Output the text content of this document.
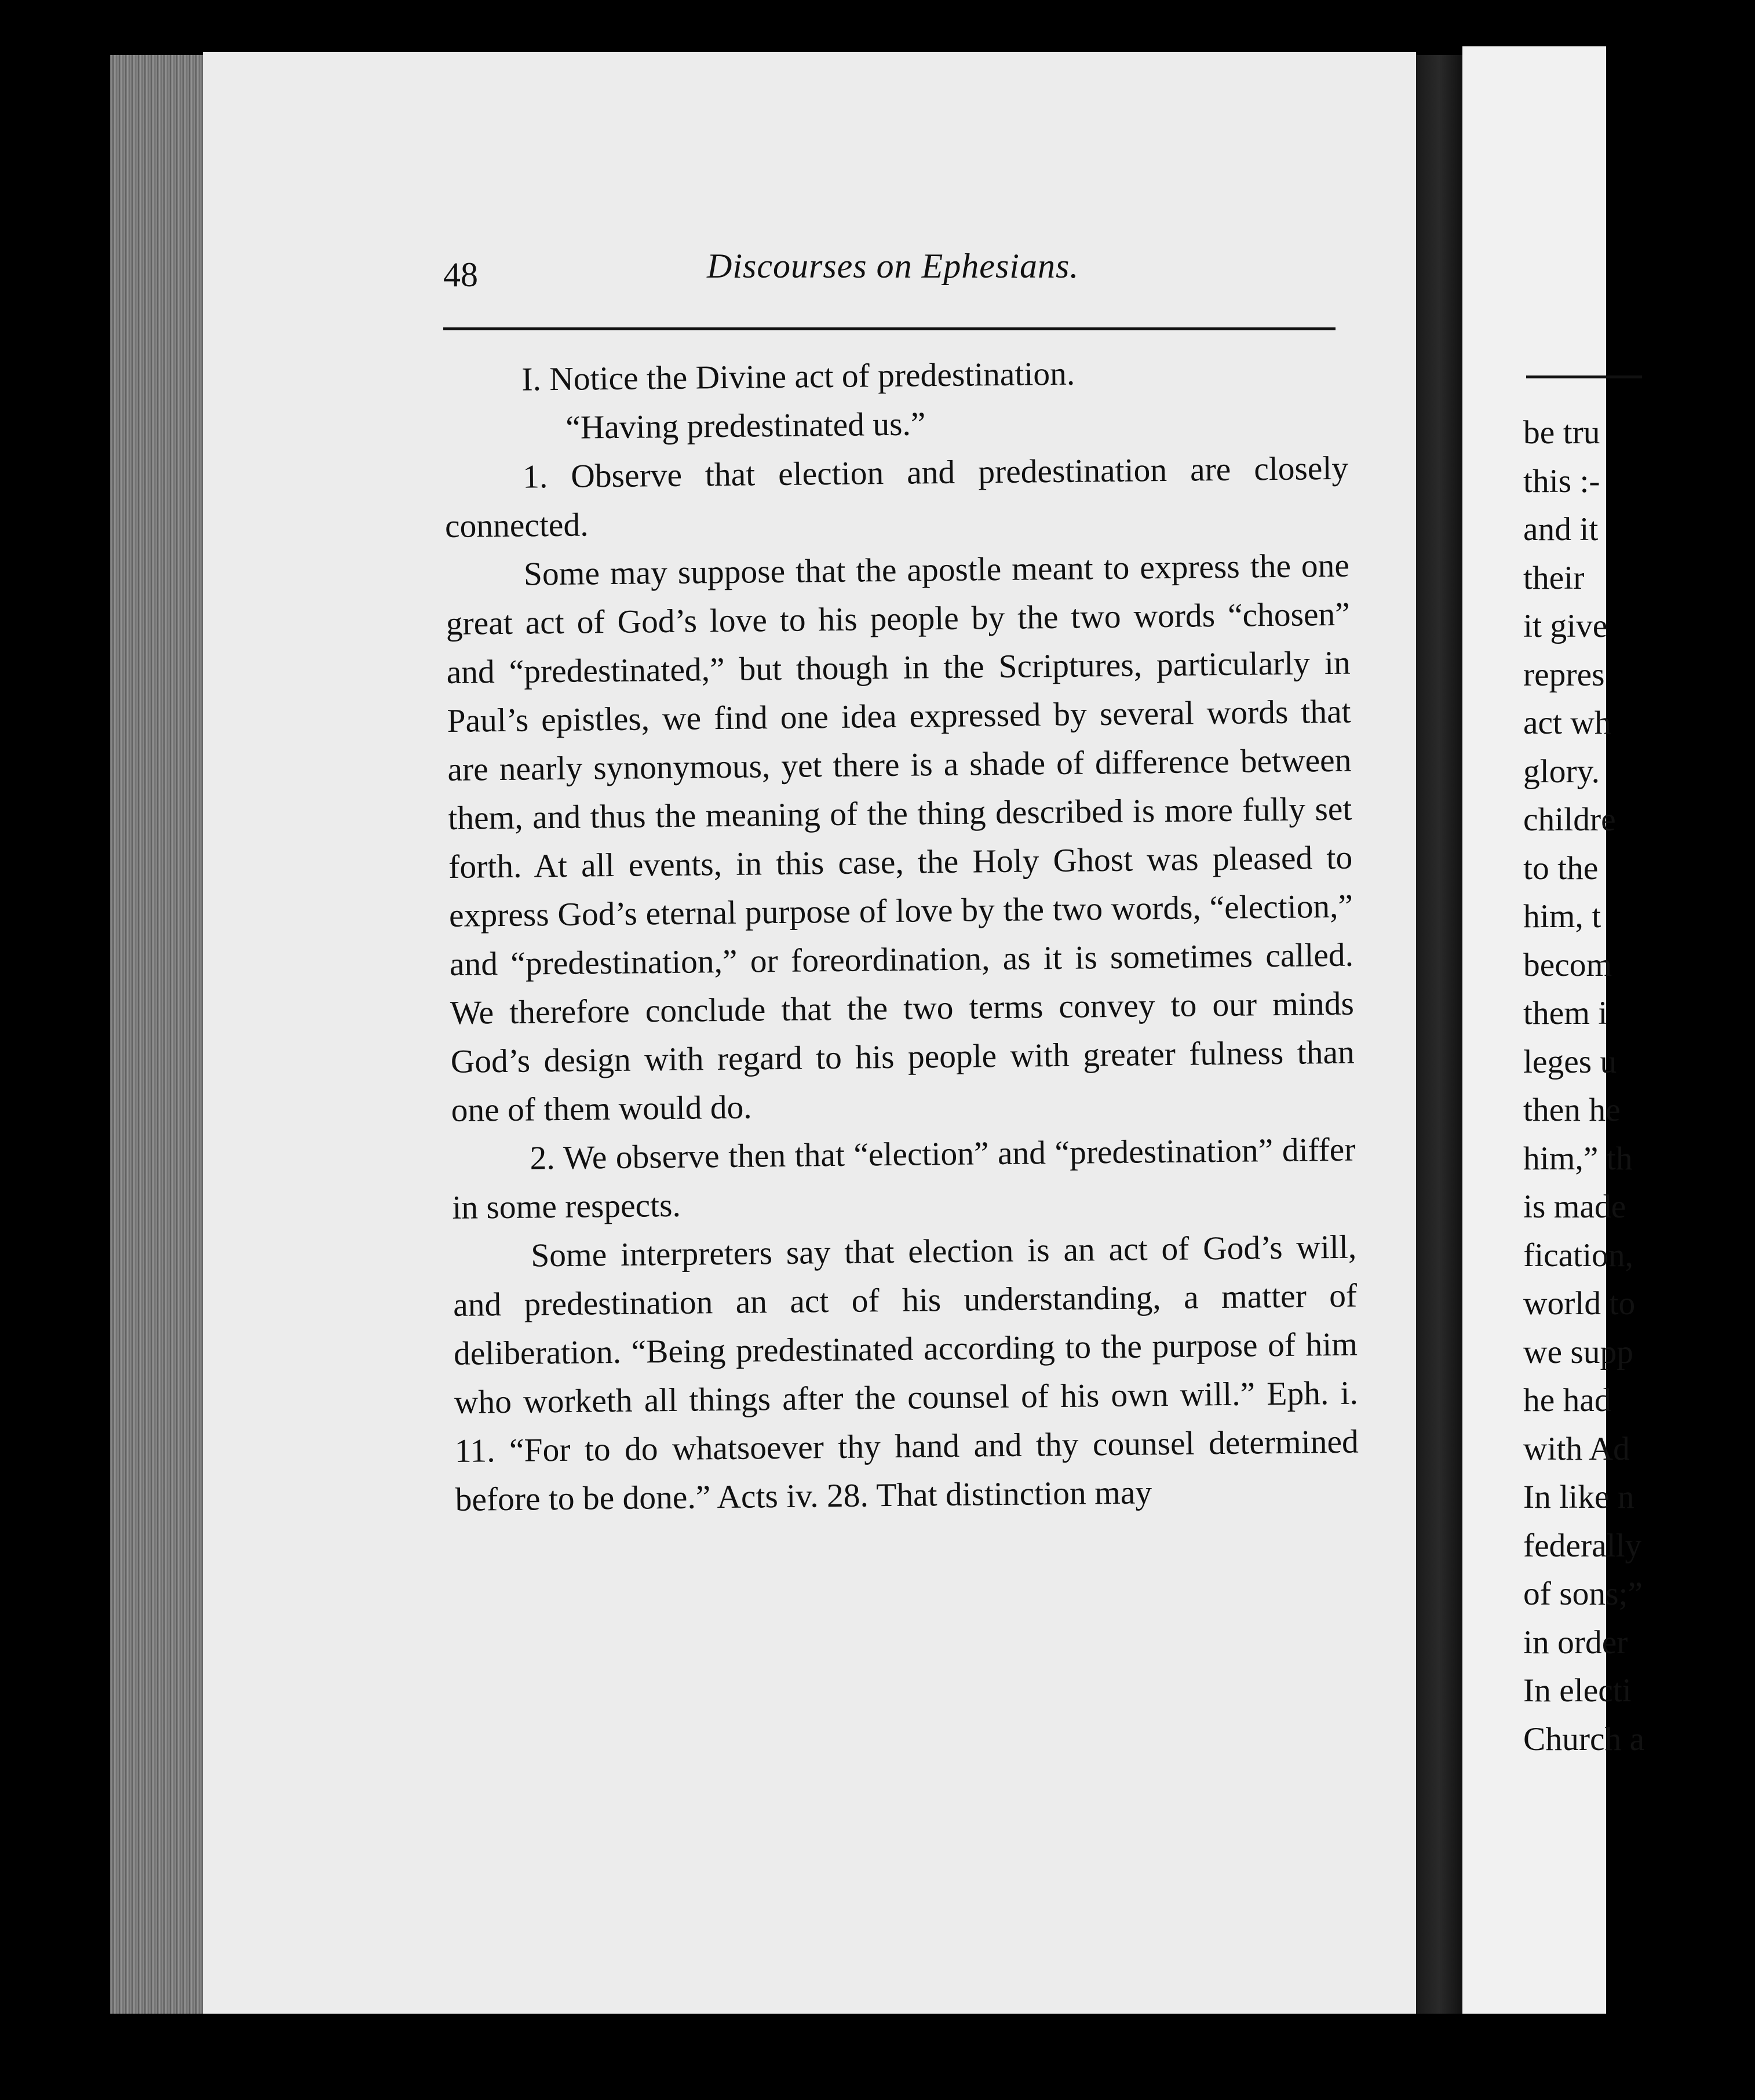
be tru
this :-
and it
their
it give
repres
act wh
glory.
childre
to the
him, t
becom
them i
leges u
then he
him,” th
is made
fication,
world to
we supp
he had
with Ad
In like n
federally
of sons;”
in order
In electi
Church a
48	Discourses on Ephesians.

I. Notice the Divine act of predestination.

“Having predestinated us.”

1. Observe that election and predestination are closely connected.

Some may suppose that the apostle meant to express the one great act of God’s love to his people by the two words “chosen” and “predestinated,” but though in the Scriptures, particularly in Paul’s epistles, we find one idea expressed by several words that are nearly synonymous, yet there is a shade of difference between them, and thus the meaning of the thing described is more fully set forth. At all events, in this case, the Holy Ghost was pleased to express God’s eternal purpose of love by the two words, “election,” and “predestination,” or foreordination, as it is sometimes called. We therefore conclude that the two terms convey to our minds God’s design with regard to his people with greater fulness than one of them would do.

2. We observe then that “election” and “predestination” differ in some respects.

Some interpreters say that election is an act of God’s will, and predestination an act of his understanding, a matter of deliberation. “Being predestinated according to the purpose of him who worketh all things after the counsel of his own will.” Eph. i. 11. “For to do whatsoever thy hand and thy counsel determined before to be done.” Acts iv. 28. That distinction may
